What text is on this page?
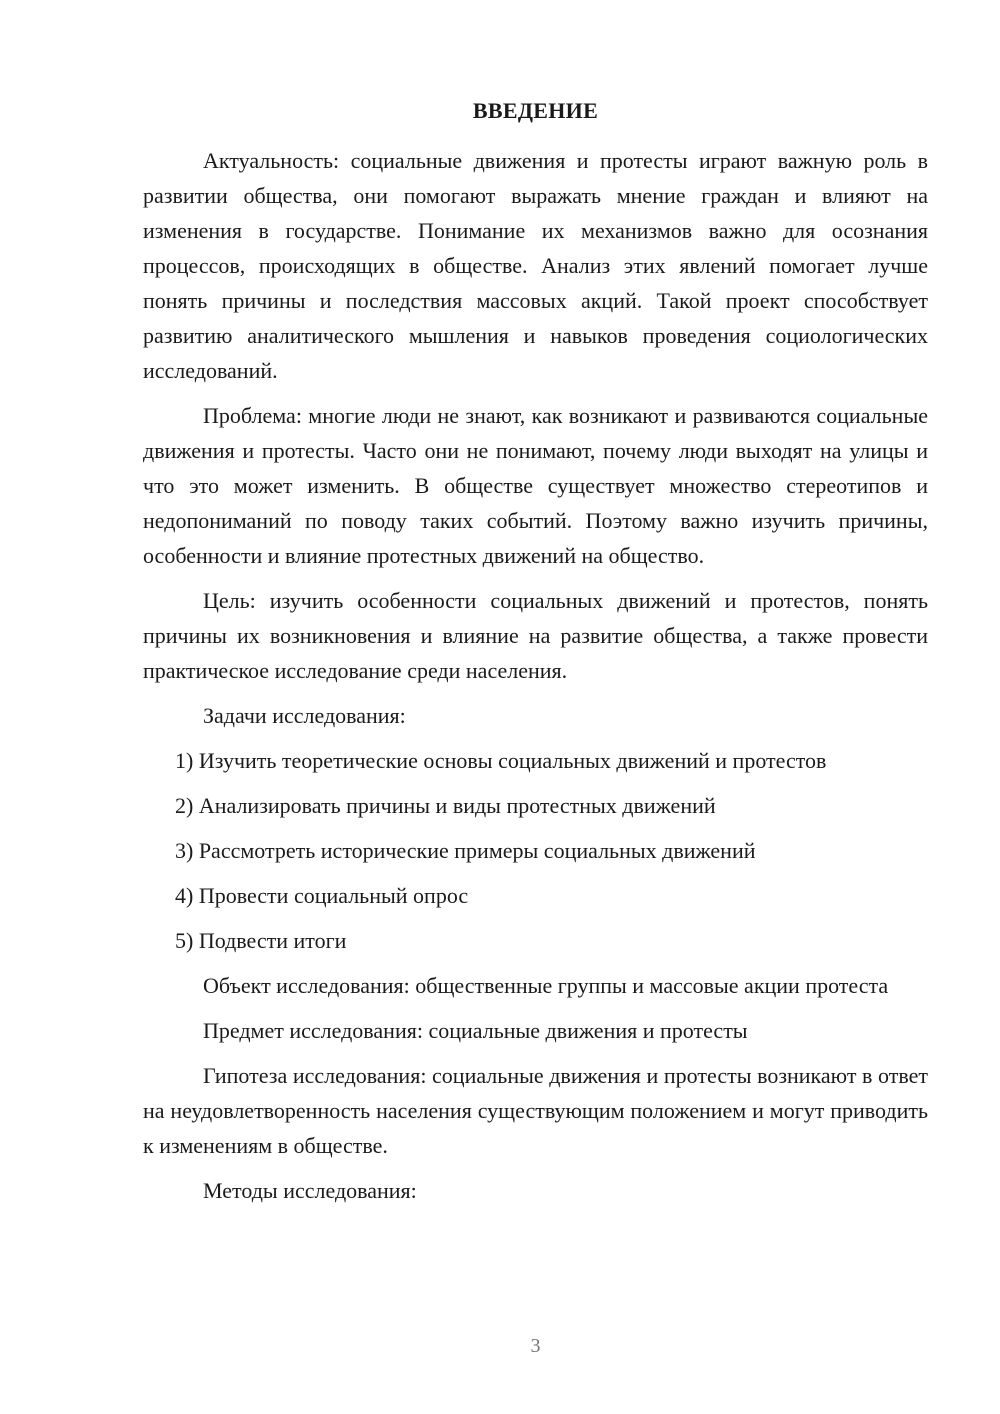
ВВЕДЕНИЕ

Актуальность: социальные движения и протесты играют важную роль в развитии общества, они помогают выражать мнение граждан и влияют на изменения в государстве. Понимание их механизмов важно для осознания процессов, происходящих в обществе. Анализ этих явлений помогает лучше понять причины и последствия массовых акций. Такой проект способствует развитию аналитического мышления и навыков проведения социологических исследований.

Проблема: многие люди не знают, как возникают и развиваются социальные движения и протесты. Часто они не понимают, почему люди выходят на улицы и что это может изменить. В обществе существует множество стереотипов и недопониманий по поводу таких событий. Поэтому важно изучить причины, особенности и влияние протестных движений на общество.

Цель: изучить особенности социальных движений и протестов, понять причины их возникновения и влияние на развитие общества, а также провести практическое исследование среди населения.

Задачи исследования:

1) Изучить теоретические основы социальных движений и протестов

2) Анализировать причины и виды протестных движений

3) Рассмотреть исторические примеры социальных движений

4) Провести социальный опрос

5) Подвести итоги

Объект исследования: общественные группы и массовые акции протеста

Предмет исследования: социальные движения и протесты

Гипотеза исследования: социальные движения и протесты возникают в ответ на неудовлетворенность населения существующим положением и могут приводить к изменениям в обществе.

Методы исследования:

3
